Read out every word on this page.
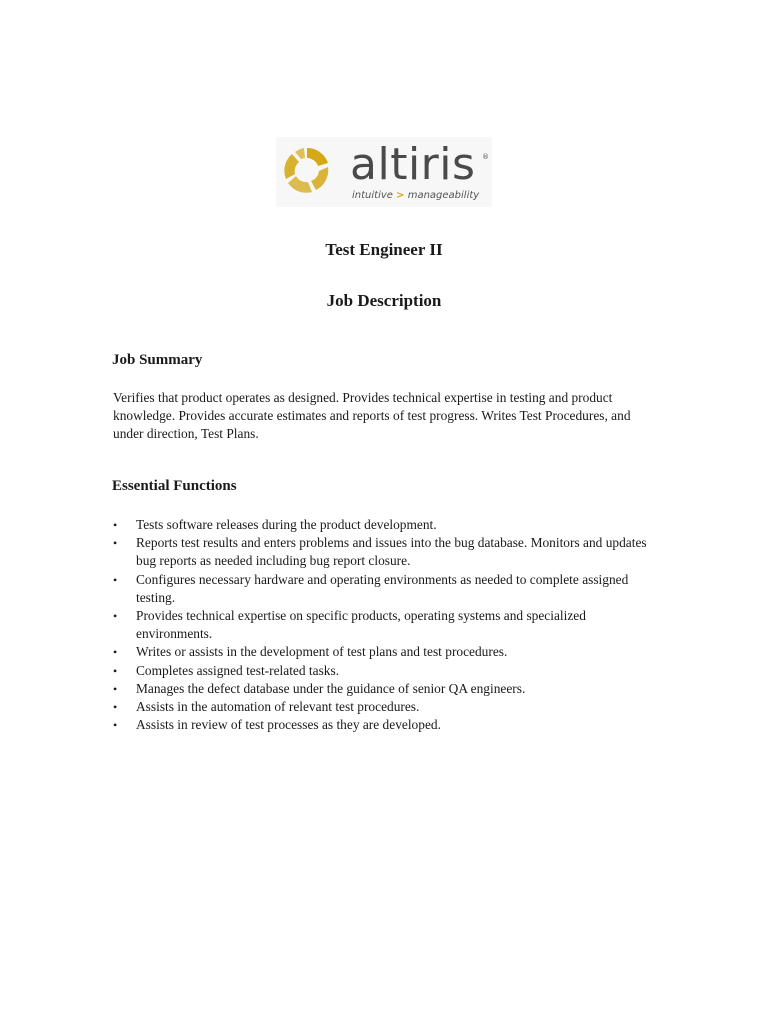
altiris ®
intuitive > manageability
Test Engineer II
Job Description
Job Summary

Verifies that product operates as designed. Provides technical expertise in testing and product knowledge. Provides accurate estimates and reports of test progress. Writes Test Procedures, and under direction, Test Plans.

Essential Functions
• Tests software releases during the product development.
• Reports test results and enters problems and issues into the bug database. Monitors and updates bug reports as needed including bug report closure.
• Configures necessary hardware and operating environments as needed to complete assigned testing.
• Provides technical expertise on specific products, operating systems and specialized environments.
• Writes or assists in the development of test plans and test procedures.
• Completes assigned test-related tasks.
• Manages the defect database under the guidance of senior QA engineers.
• Assists in the automation of relevant test procedures.
• Assists in review of test processes as they are developed.
